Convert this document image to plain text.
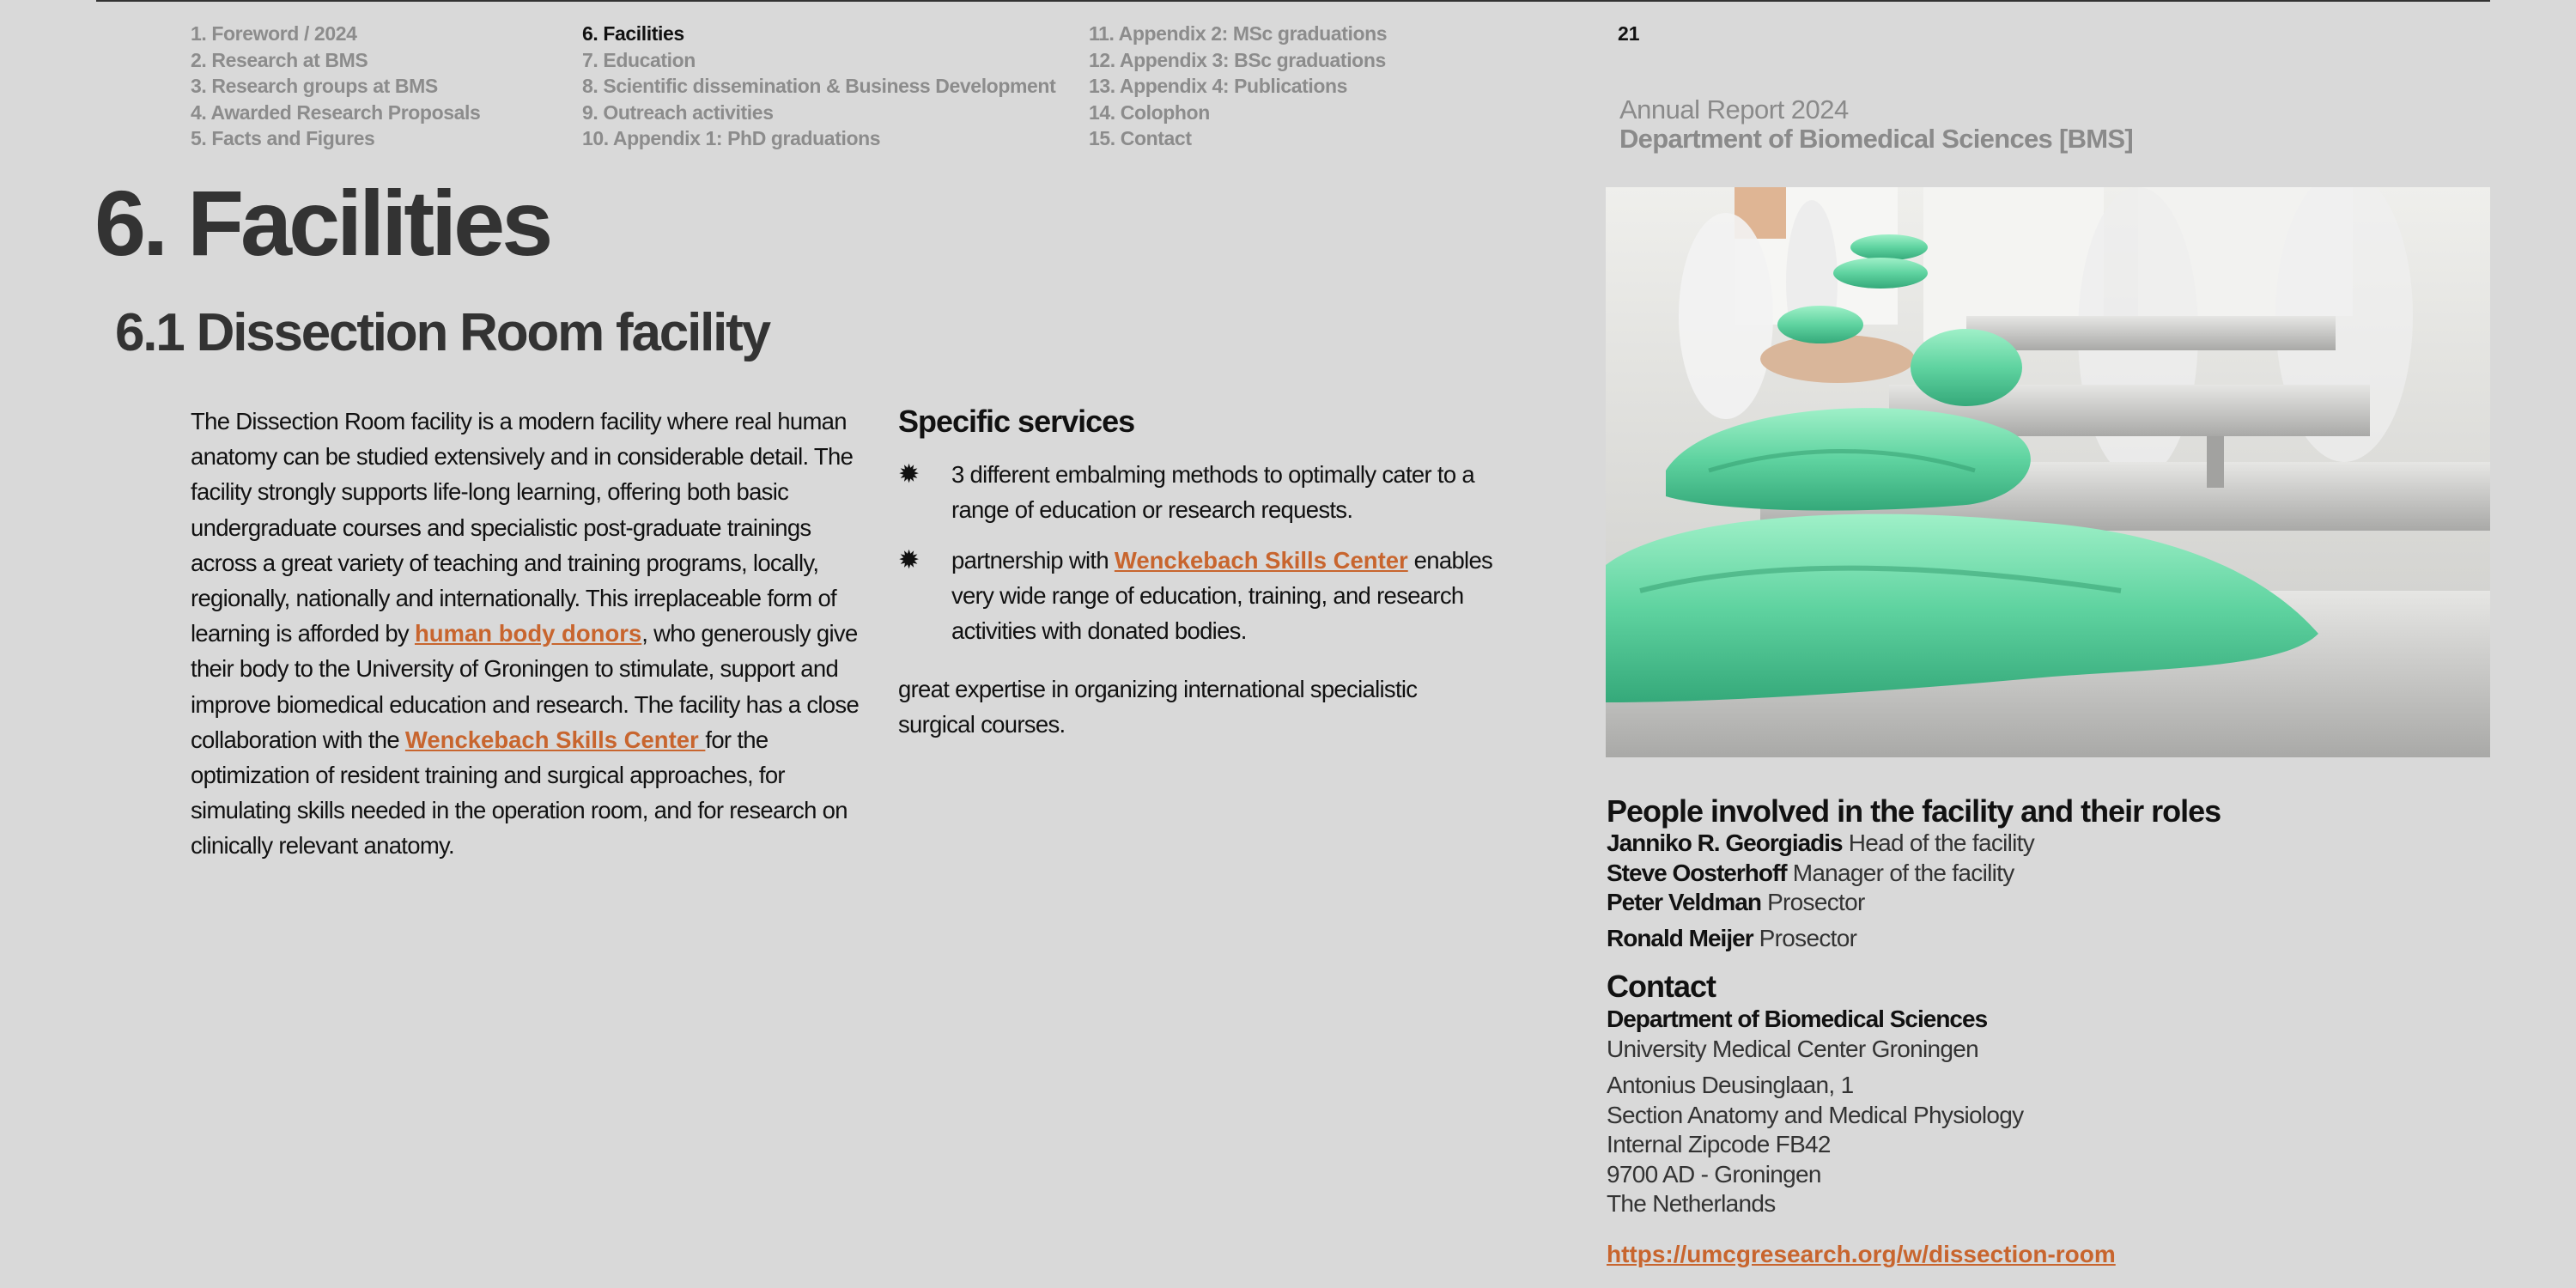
1. Foreword / 2024
2. Research at BMS
3. Research groups at BMS
4. Awarded Research Proposals
5. Facts and Figures
6. Facilities
7. Education
8. Scientific dissemination & Business Development
9. Outreach activities
10. Appendix 1: PhD graduations
11. Appendix 2: MSc graduations
12. Appendix 3: BSc graduations
13. Appendix 4: Publications
14. Colophon
15. Contact
21
Annual Report 2024
Department of Biomedical Sciences [BMS]
6. Facilities
6.1 Dissection Room facility

The Dissection Room facility is a modern facility where real human anatomy can be studied extensively and in considerable detail. The facility strongly supports life-long learning, offering both basic undergraduate courses and specialistic post-graduate trainings across a great variety of teaching and training programs, locally, regionally, nationally and internationally. This irreplaceable form of learning is afforded by human body donors, who generously give their body to the University of Groningen to stimulate, support and improve biomedical education and research. The facility has a close collaboration with the Wenckebach Skills Center for the optimization of resident training and surgical approaches, for simulating skills needed in the operation room, and for research on clinically relevant anatomy.

Specific services
✹ 3 different embalming methods to optimally cater to a range of education or research requests.
✹ partnership with Wenckebach Skills Center enables very wide range of education, training, and research activities with donated bodies.

great expertise in organizing international specialistic surgical courses.

People involved in the facility and their roles
Janniko R. Georgiadis Head of the facility
Steve Oosterhoff Manager of the facility
Peter Veldman Prosector
Ronald Meijer Prosector
Contact
Department of Biomedical Sciences
University Medical Center Groningen
Antonius Deusinglaan, 1
Section Anatomy and Medical Physiology
Internal Zipcode FB42
9700 AD - Groningen
The Netherlands
https://umcgresearch.org/w/dissection-room
